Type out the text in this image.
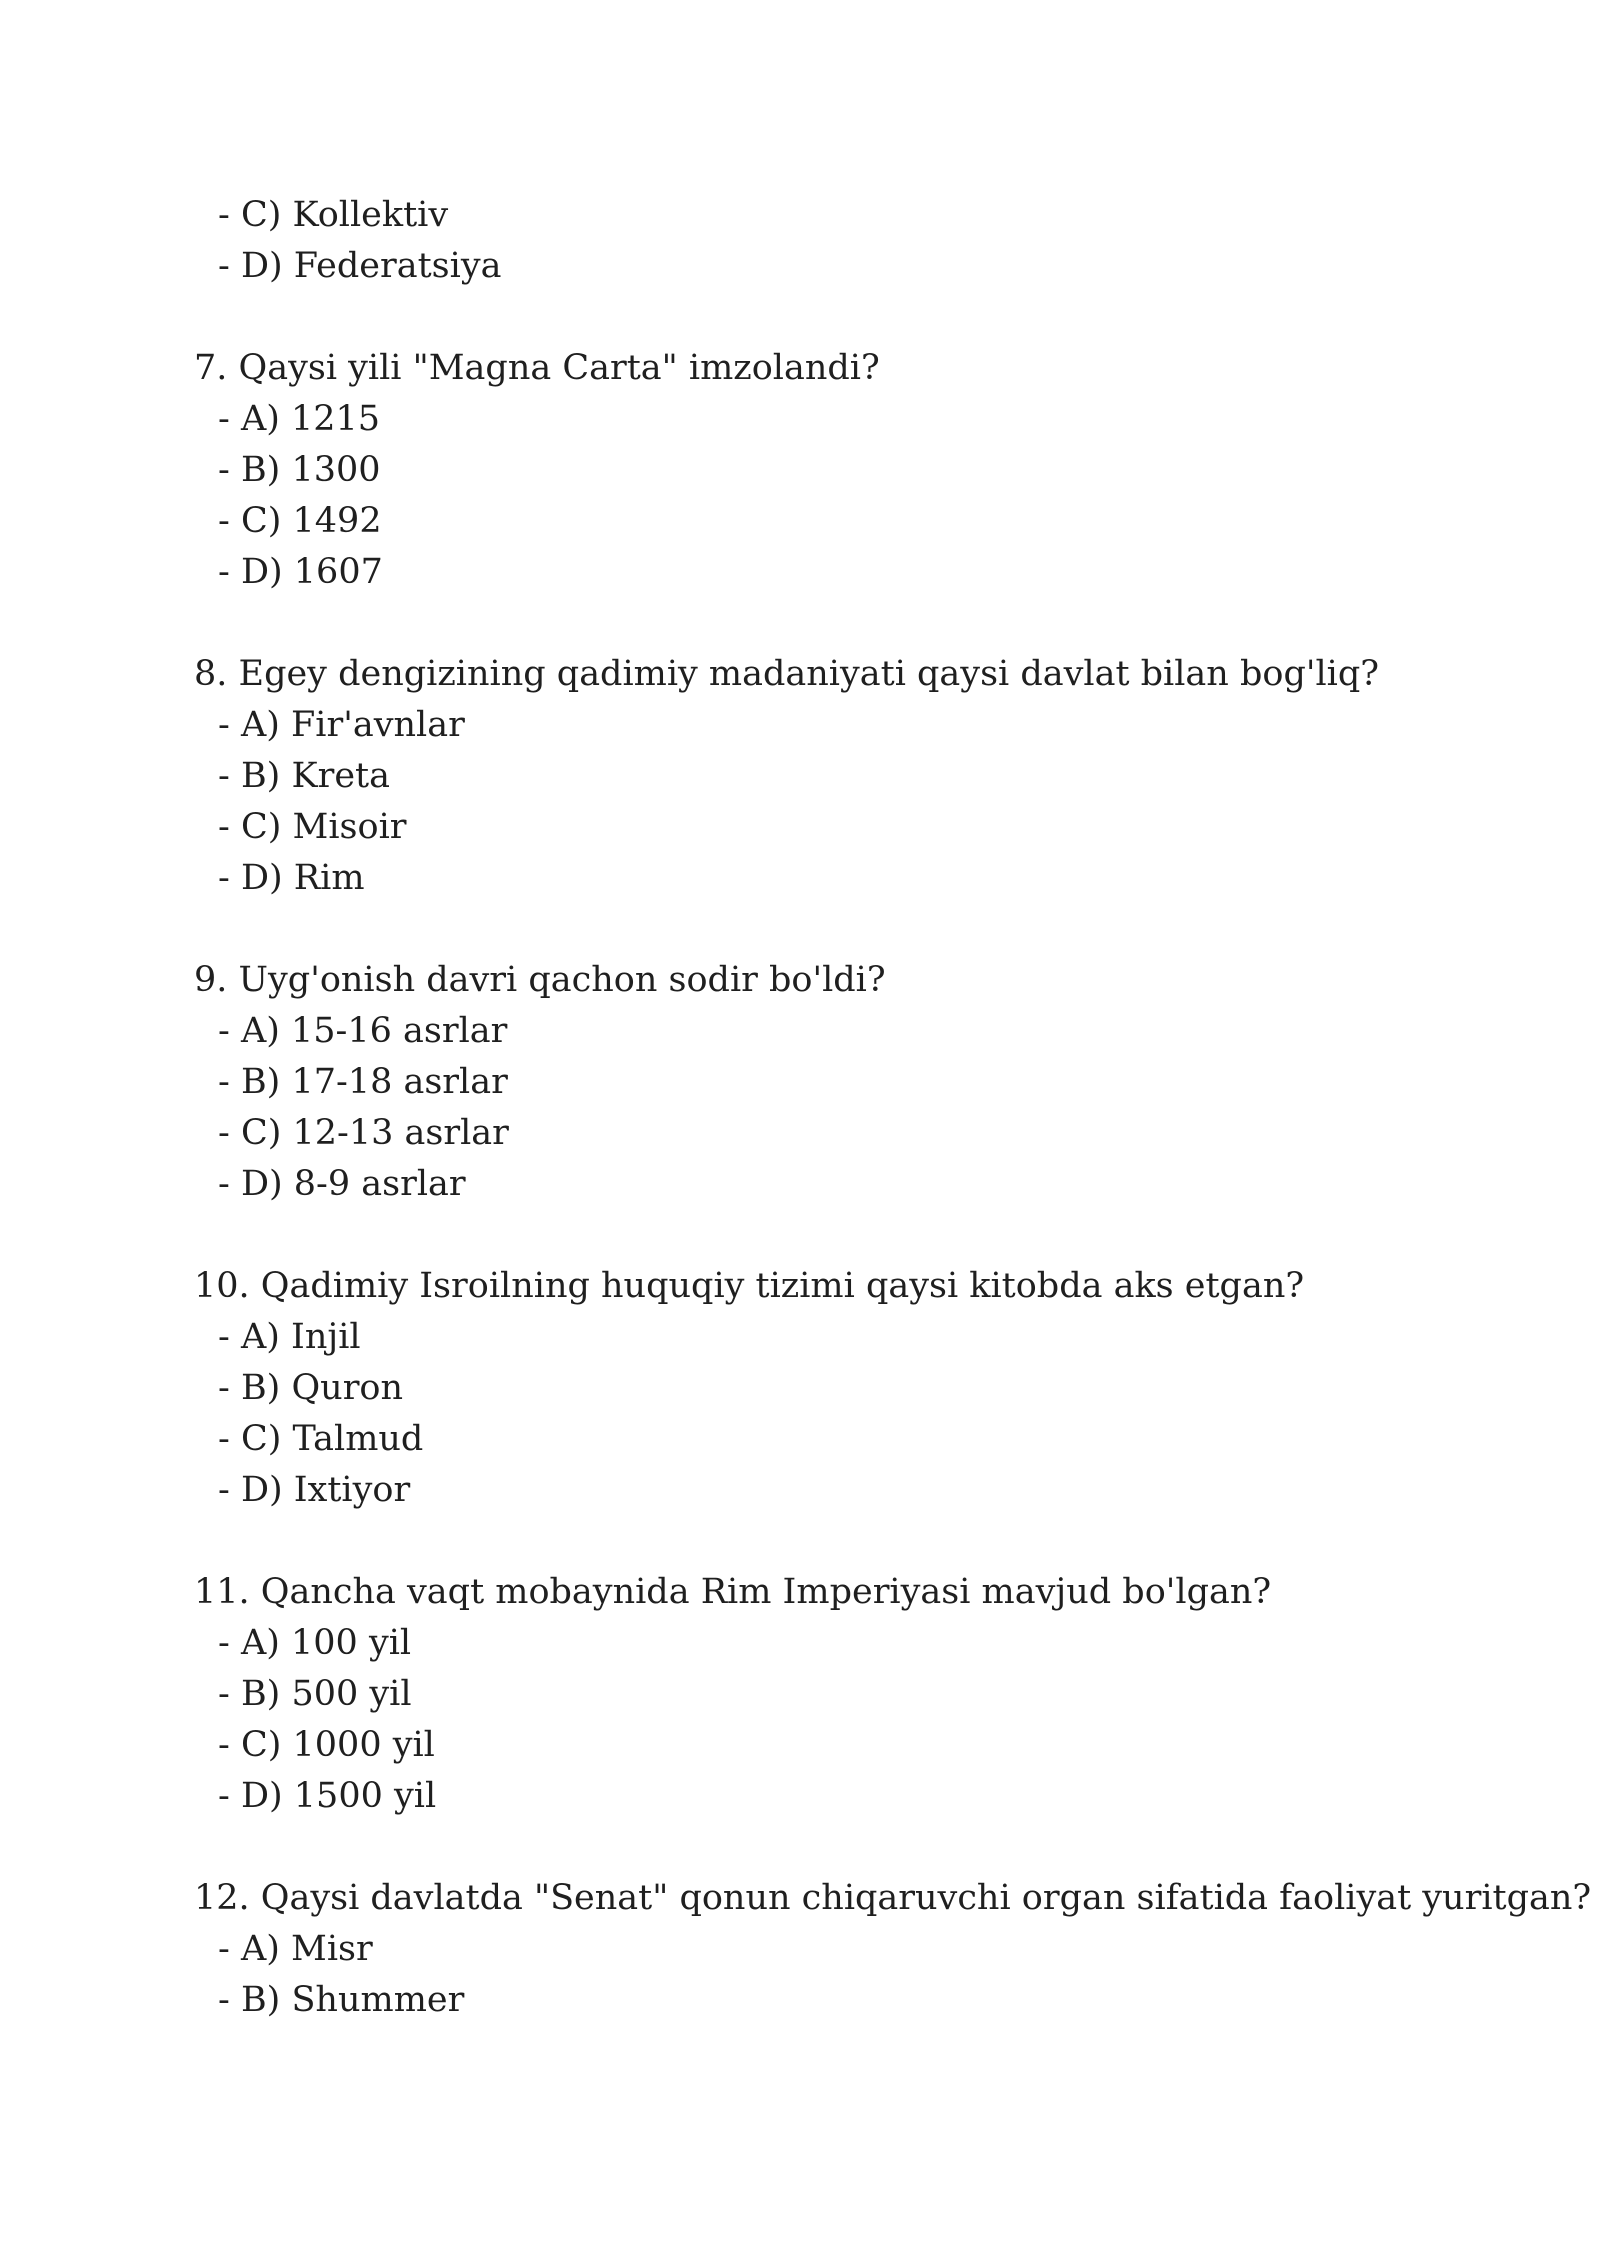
- C) Kollektiv
- D) Federatsiya
7. Qaysi yili "Magna Carta" imzolandi?
- A) 1215
- B) 1300
- C) 1492
- D) 1607
8. Egey dengizining qadimiy madaniyati qaysi davlat bilan bog'liq?
- A) Fir'avnlar
- B) Kreta
- C) Misoir
- D) Rim
9. Uyg'onish davri qachon sodir bo'ldi?
- A) 15-16 asrlar
- B) 17-18 asrlar
- C) 12-13 asrlar
- D) 8-9 asrlar
10. Qadimiy Isroilning huquqiy tizimi qaysi kitobda aks etgan?
- A) Injil
- B) Quron
- C) Talmud
- D) Ixtiyor
11. Qancha vaqt mobaynida Rim Imperiyasi mavjud bo'lgan?
- A) 100 yil
- B) 500 yil
- C) 1000 yil
- D) 1500 yil
12. Qaysi davlatda "Senat" qonun chiqaruvchi organ sifatida faoliyat yuritgan?
- A) Misr
- B) Shummer
